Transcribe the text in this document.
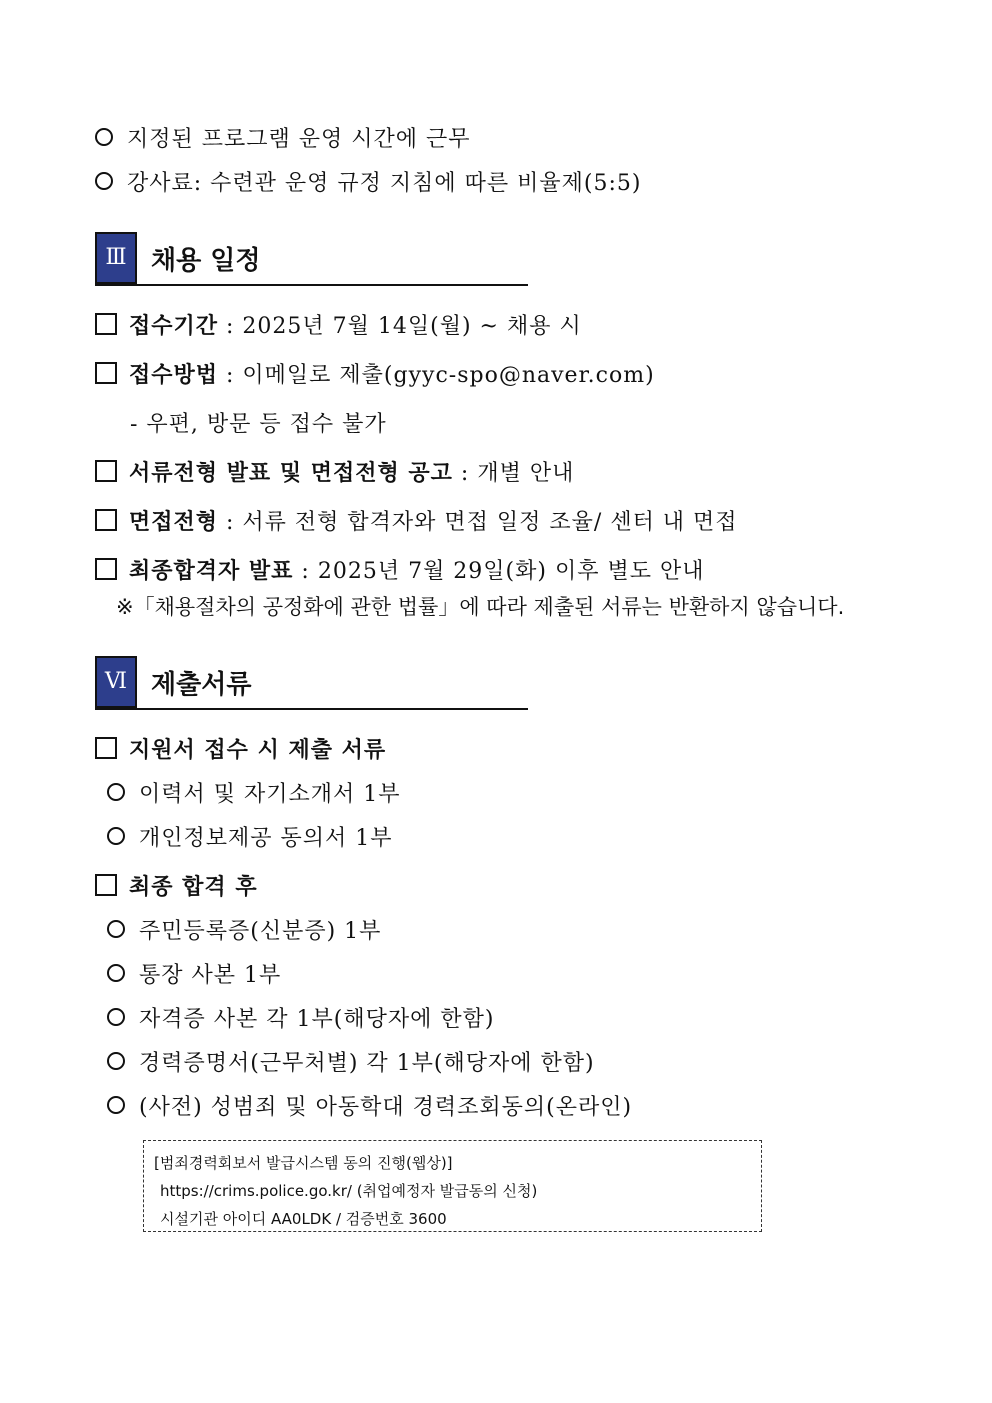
지정된 프로그램 운영 시간에 근무
강사료: 수련관 운영 규정 지침에 따른 비율제(5:5)
Ⅲ 채용 일정
접수기간 : 2025년 7월 14일(월) ~ 채용 시
접수방법 : 이메일로 제출(gyyc-spo@naver.com)
- 우편, 방문 등 접수 불가
서류전형 발표 및 면접전형 공고 : 개별 안내
면접전형 : 서류 전형 합격자와 면접 일정 조율/ 센터 내 면접
최종합격자 발표 : 2025년 7월 29일(화) 이후 별도 안내
※「채용절차의 공정화에 관한 법률」에 따라 제출된 서류는 반환하지 않습니다.
Ⅵ 제출서류
지원서 접수 시 제출 서류
이력서 및 자기소개서 1부
개인정보제공 동의서 1부
최종 합격 후
주민등록증(신분증) 1부
통장 사본 1부
자격증 사본 각 1부(해당자에 한함)
경력증명서(근무처별) 각 1부(해당자에 한함)
(사전) 성범죄 및 아동학대 경력조회동의(온라인)
[범죄경력회보서 발급시스템 동의 진행(웹상)]
https://crims.police.go.kr/ (취업예정자 발급동의 신청)
시설기관 아이디 AA0LDK / 검증번호 3600
